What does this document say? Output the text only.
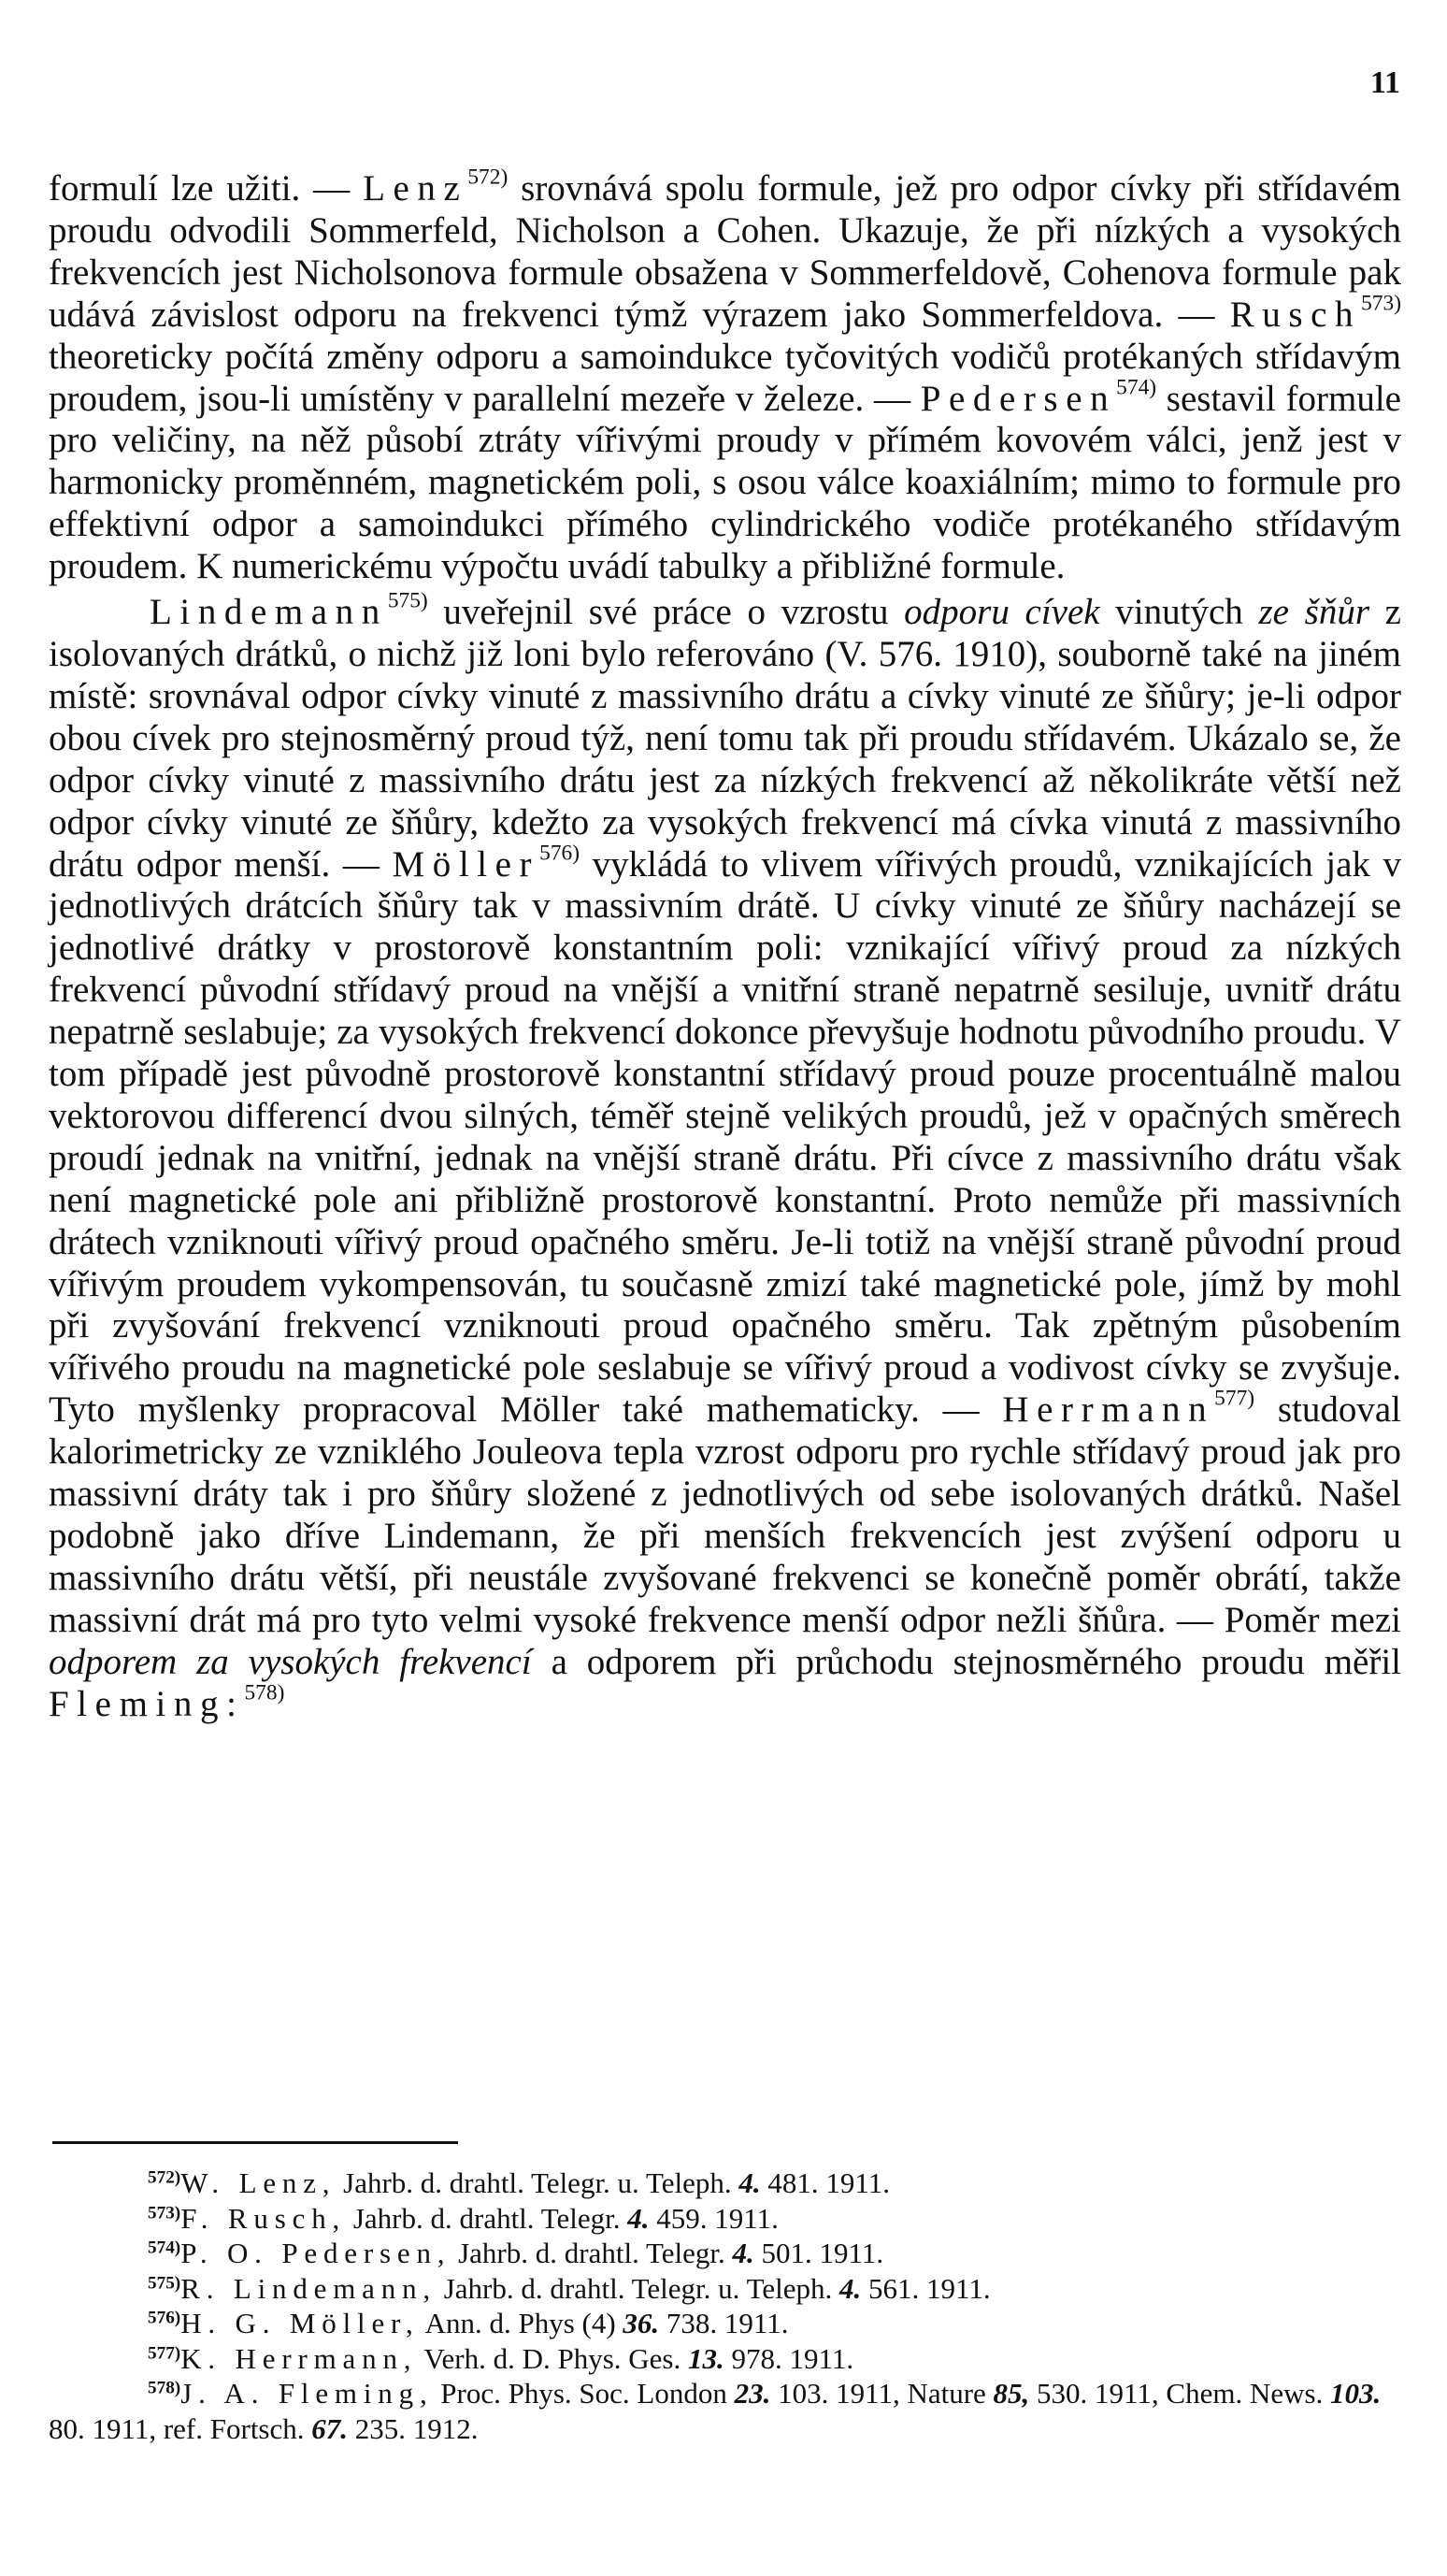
11

formulí lze užiti. — Lenz$^{572)}$ srovnává spolu formule, jež pro odpor cívky při střídavém proudu odvodili Sommerfeld, Nicholson a Cohen. Ukazuje, že při nízkých a vysokých frekvencích jest Nicholsonova formule obsažena v Sommerfeldově, Cohenova formule pak udává závislost odporu na frekvenci týmž výrazem jako Sommerfeldova. — Rusch$^{573)}$ theoreticky počítá změny odporu a samoindukce tyčovitých vodičů protékaných střídavým proudem, jsou-li umístěny v parallelní mezeře v železe. — Pedersen$^{574)}$ sestavil formule pro veličiny, na něž působí ztráty vířivými proudy v přímém kovovém válci, jenž jest v harmonicky proměnném, magnetickém poli, s osou válce koaxiálním; mimo to formule pro effektivní odpor a samoindukci přímého cylindrického vodiče protékaného střídavým proudem. K numerickému výpočtu uvádí tabulky a přibližné formule.

Lindemann$^{575)}$ uveřejnil své práce o vzrostu odporu cívek vinutých ze šňůr z isolovaných drátků, o nichž již loni bylo referováno (V. 576. 1910), souborně také na jiném místě: srovnával odpor cívky vinuté z massivního drátu a cívky vinuté ze šňůry; je-li odpor obou cívek pro stejnosměrný proud týž, není tomu tak při proudu střídavém. Ukázalo se, že odpor cívky vinuté z massivního drátu jest za nízkých frekvencí až několikráte větší než odpor cívky vinuté ze šňůry, kdežto za vysokých frekvencí má cívka vinutá z massivního drátu odpor menší. — Möller$^{576)}$ vykládá to vlivem vířivých proudů, vznikajících jak v jednotlivých drátcích šňůry tak v massivním drátě. U cívky vinuté ze šňůry nacházejí se jednotlivé drátky v prostorově konstantním poli: vznikající vířivý proud za nízkých frekvencí původní střídavý proud na vnější a vnitřní straně nepatrně sesiluje, uvnitř drátu nepatrně seslabuje; za vysokých frekvencí dokonce převyšuje hodnotu původního proudu. V tom případě jest původně prostorově konstantní střídavý proud pouze procentuálně malou vektorovou differencí dvou silných, téměř stejně velikých proudů, jež v opačných směrech proudí jednak na vnitřní, jednak na vnější straně drátu. Při cívce z massivního drátu však není magnetické pole ani přibližně prostorově konstantní. Proto nemůže při massivních drátech vzniknouti vířivý proud opačného směru. Je-li totiž na vnější straně původní proud vířivým proudem vykompensován, tu současně zmizí také magnetické pole, jímž by mohl při zvyšování frekvencí vzniknouti proud opačného směru. Tak zpětným působením vířivého proudu na magnetické pole seslabuje se vířivý proud a vodivost cívky se zvyšuje. Tyto myšlenky propracoval Möller také mathematicky. — Herrmann$^{577)}$ studoval kalorimetricky ze vzniklého Jouleova tepla vzrost odporu pro rychle střídavý proud jak pro massivní dráty tak i pro šňůry složené z jednotlivých od sebe isolovaných drátků. Našel podobně jako dříve Lindemann, že při menších frekvencích jest zvýšení odporu u massivního drátu větší, při neustále zvyšované frekvenci se konečně poměr obrátí, takže massivní drát má pro tyto velmi vysoké frekvence menší odpor nežli šňůra. — Poměr mezi odporem za vysokých frekvencí a odporem při průchodu stejnosměrného proudu měřil Fleming:$^{578)}$

$^{572)}$W. Lenz, Jahrb. d. drahtl. Telegr. u. Teleph. 4. 481. 1911.
$^{573)}$F. Rusch, Jahrb. d. drahtl. Telegr. 4. 459. 1911.
$^{574)}$P. O. Pedersen, Jahrb. d. drahtl. Telegr. 4. 501. 1911.
$^{575)}$R. Lindemann, Jahrb. d. drahtl. Telegr. u. Teleph. 4. 561. 1911.
$^{576)}$H. G. Möller, Ann. d. Phys (4) 36. 738. 1911.
$^{577)}$K. Herrmann, Verh. d. D. Phys. Ges. 13. 978. 1911.
$^{578)}$J. A. Fleming, Proc. Phys. Soc. London 23. 103. 1911, Nature 85, 530. 1911, Chem. News. 103. 80. 1911, ref. Fortsch. 67. 235. 1912.
